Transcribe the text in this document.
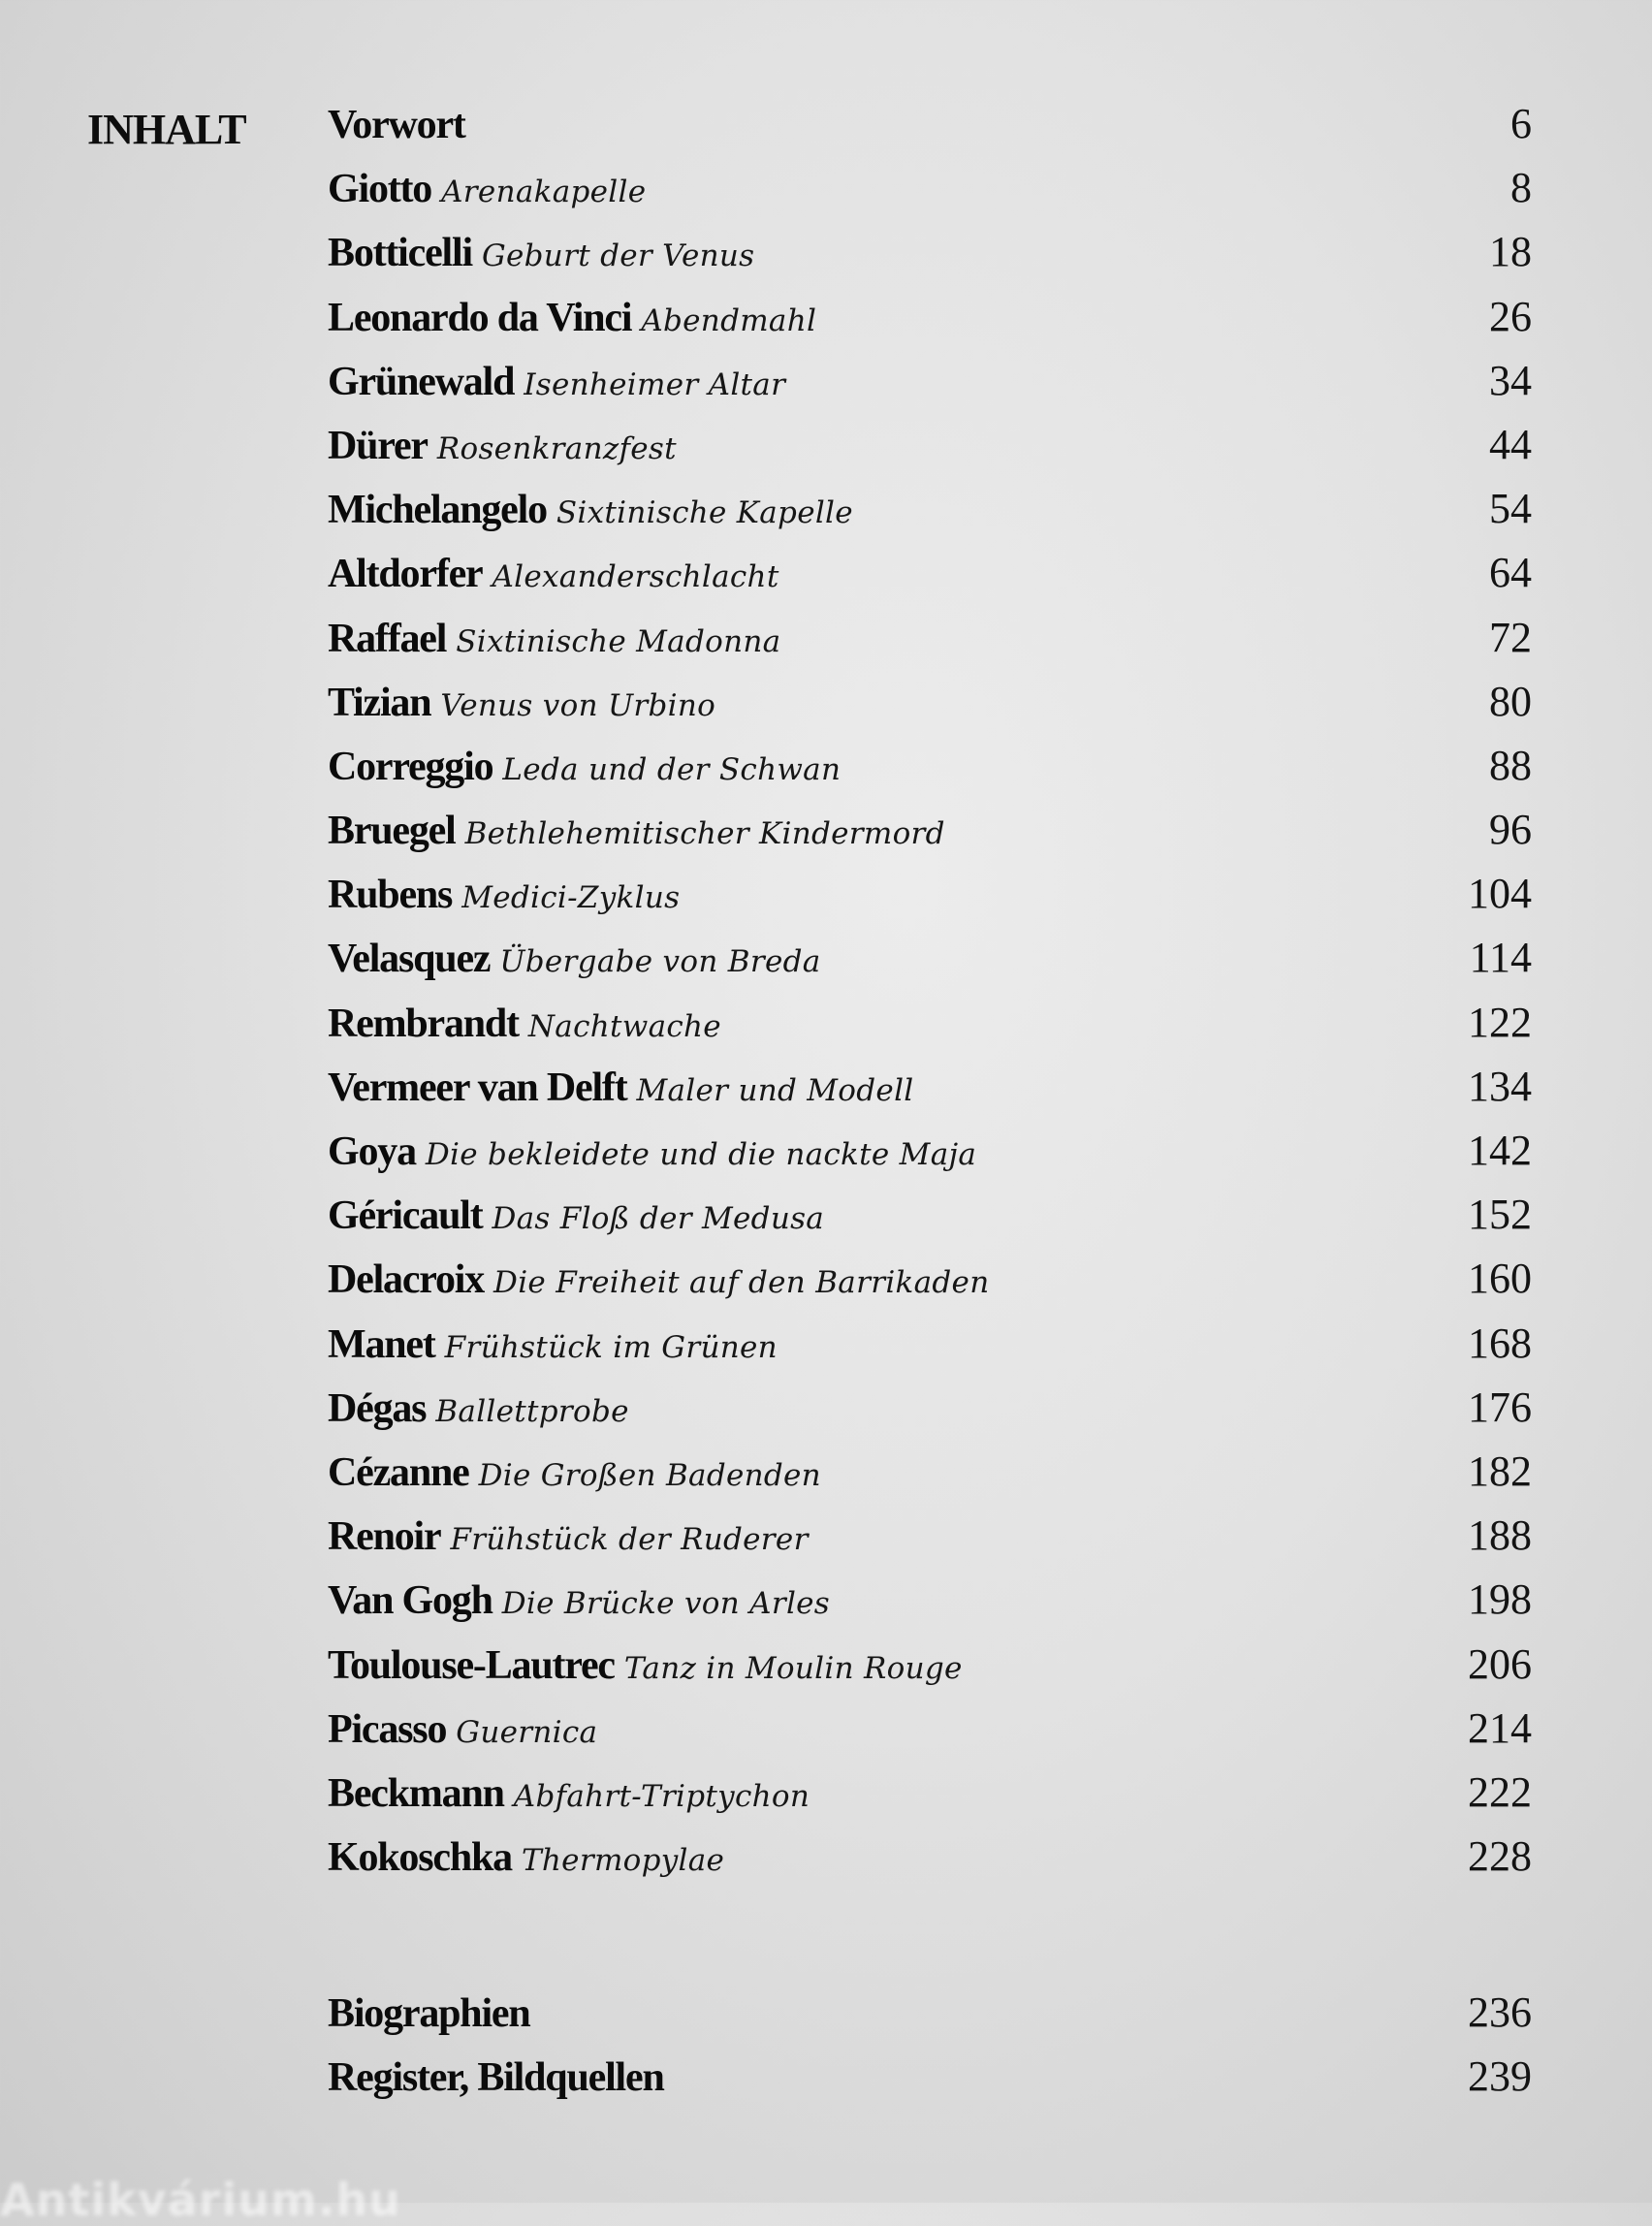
INHALT Vorwort	6
Giotto Arenakapelle	8
Botticelli Geburt der Venus	18
Leonardo da Vinci Abendmahl	26
Grünewald Isenheimer Altar	34
Dürer Rosenkranzfest	44
Michelangelo Sixtinische Kapelle	54
Altdorfer Alexanderschlacht	64
Raffael Sixtinische Madonna	72
Tizian Venus von Urbino	80
Correggio Leda und der Schwan	88
Bruegel Bethlehemitischer Kindermord	96
Rubens Medici-Zyklus	104
Velasquez Übergabe von Breda	114
Rembrandt Nachtwache	122
Vermeer van Delft Maler und Modell	134
Goya Die bekleidete und die nackte Maja	142
Géricault Das Floß der Medusa	152
Delacroix Die Freiheit auf den Barrikaden	160
Manet Frühstück im Grünen	168
Dégas Ballettprobe	176
Cézanne Die Großen Badenden	182
Renoir Frühstück der Ruderer	188
Van Gogh Die Brücke von Arles	198
Toulouse-Lautrec Tanz in Moulin Rouge	206
Picasso Guernica	214
Beckmann Abfahrt-Triptychon	222
Kokoschka Thermopylae	228
Biographien	236
Register, Bildquellen	239
Antikvárium.hu
